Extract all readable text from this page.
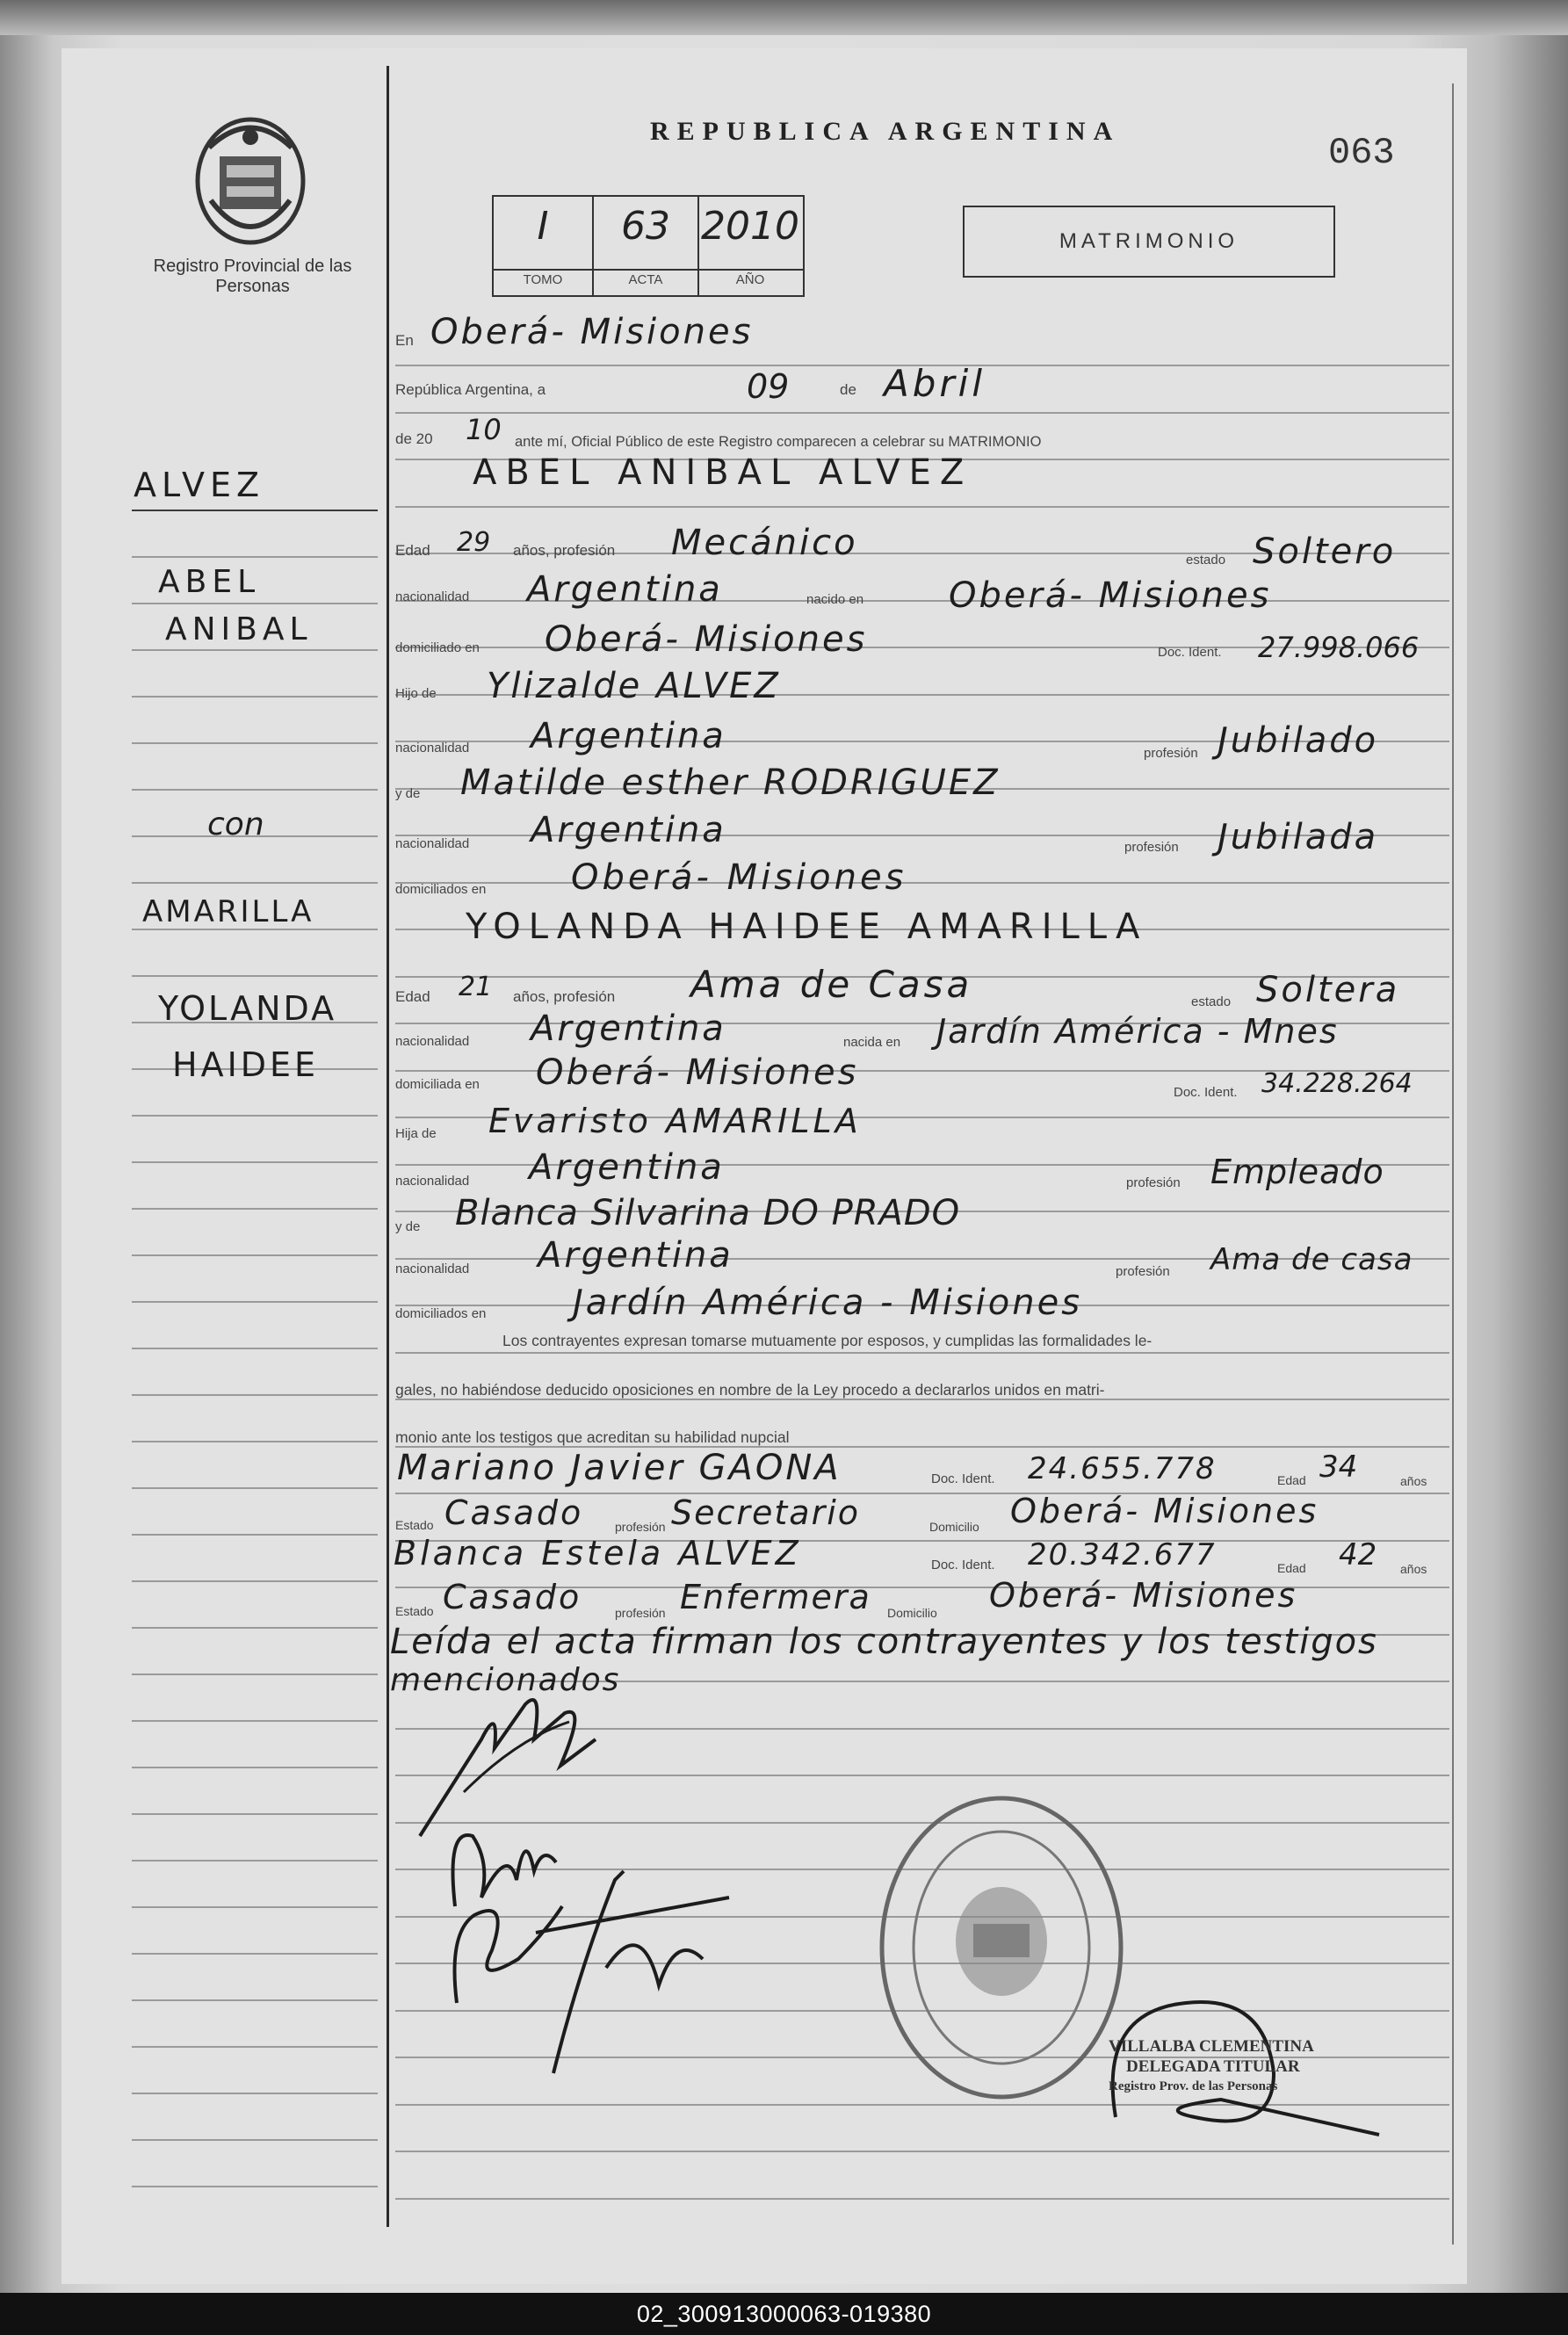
Registro Provincial de las Personas
REPUBLICA ARGENTINA
063
I	63 2010
TOMO	ACTA	AÑO
MATRIMONIO
ALVEZ
ABEL
ANIBAL
con
AMARILLA
YOLANDA
HAIDEE
En Oberá- Misiones
República Argentina, a	09	de Abril
de 20 10 ante mí, Oficial Público de este Registro comparecen a celebrar su MATRIMONIO
ABEL ANIBAL ALVEZ
Edad 29 años, profesión Mecánico	estado Soltero
nacionalidad Argentina	nacido en Oberá- Misiones
domiciliado en Oberá- Misiones	Doc. Ident. 27.998.066
Hijo de Ylizalde ALVEZ
nacionalidad Argentina	profesión Jubilado
y de Matilde esther RODRIGUEZ
nacionalidad Argentina	profesión Jubilada
domiciliados en Oberá- Misiones
YOLANDA HAIDEE AMARILLA
Edad 21 años, profesión Ama de Casa	estado Soltera
nacionalidad Argentina	nacida en Jardín América - Mnes
domiciliada en Oberá- Misiones	Doc. Ident. 34.228.264
Hija de Evaristo AMARILLA
nacionalidad Argentina	profesión Empleado
y de Blanca Silvarina DO PRADO
nacionalidad Argentina	profesión Ama de casa
domiciliados en Jardín América - Misiones
Los contrayentes expresan tomarse mutuamente por esposos, y cumplidas las formalidades le-
gales, no habiéndose deducido oposiciones en nombre de la Ley procedo a declararlos unidos en matri-
monio ante los testigos que acreditan su habilidad nupcial
Mariano Javier GAONA	Doc. Ident. 24.655.778	Edad 34	años
Estado Casado	profesión Secretario	Domicilio Oberá- Misiones
Blanca Estela ALVEZ	Doc. Ident. 20.342.677	Edad 42 años
Estado Casado	profesión Enfermera Domicilio Oberá- Misiones
Leída el acta firman los contrayentes y los testigos
mencionados
VILLALBA CLEMENTINA
DELEGADA TITULAR
Registro Prov. de las Personas
02_300913000063-019380
